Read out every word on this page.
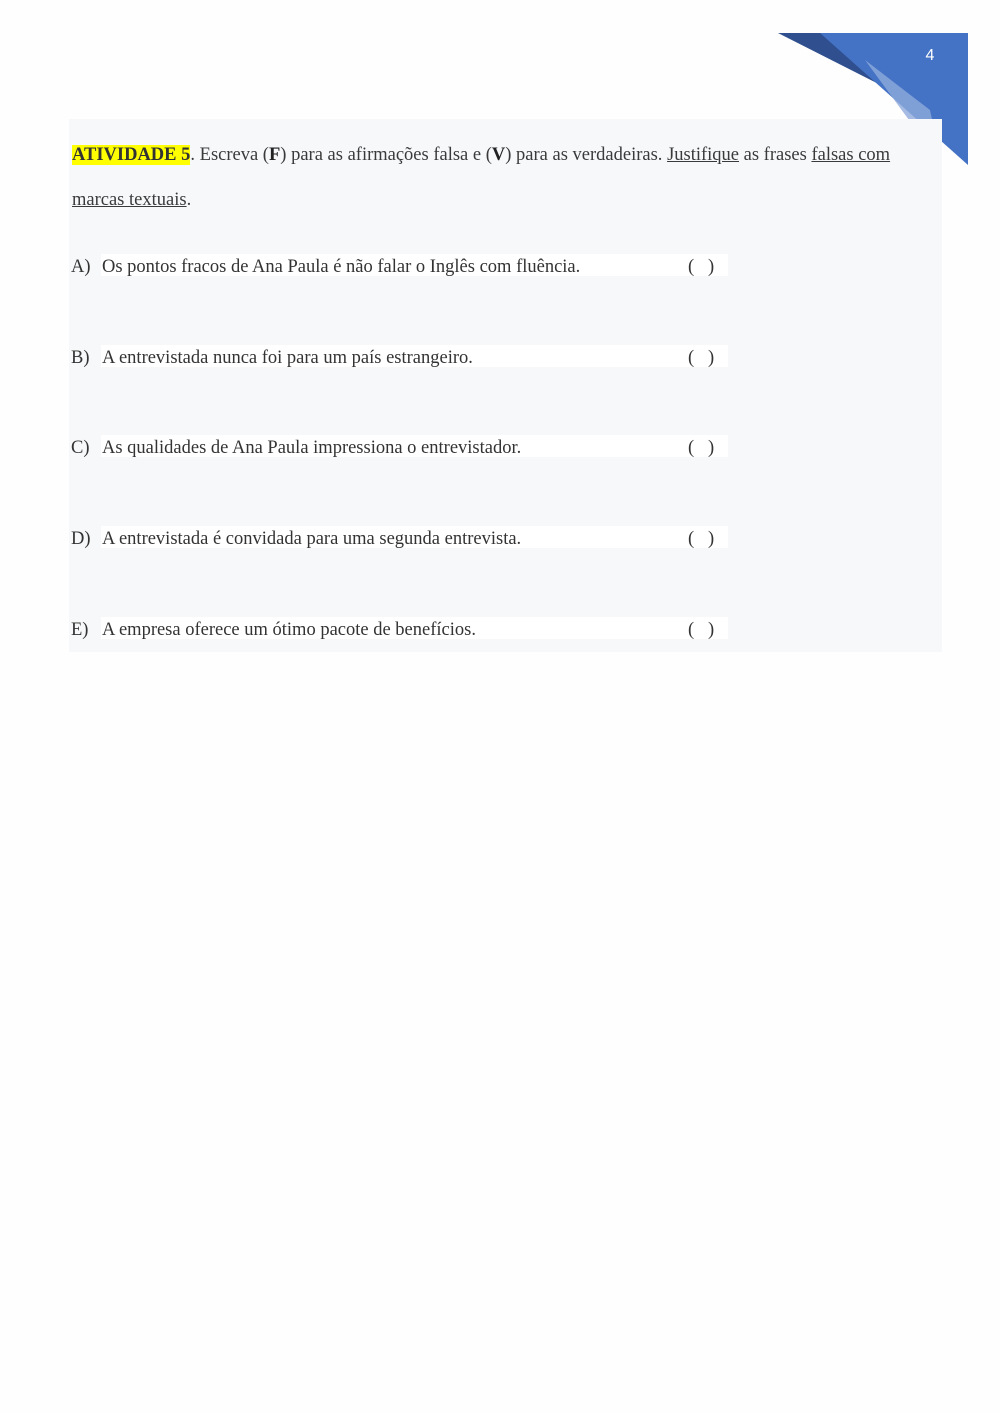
4

ATIVIDADE 5. Escreva (F) para as afirmações falsa e (V) para as verdadeiras. Justifique as frases falsas com marcas textuais.

A) Os pontos fracos de Ana Paula é não falar o Inglês com fluência.	(   )
B) A entrevistada nunca foi para um país estrangeiro.	(   )
C) As qualidades de Ana Paula impressiona o entrevistador.	(   )
D) A entrevistada é convidada para uma segunda entrevista.	(   )
E) A empresa oferece um ótimo pacote de benefícios.	(   )
